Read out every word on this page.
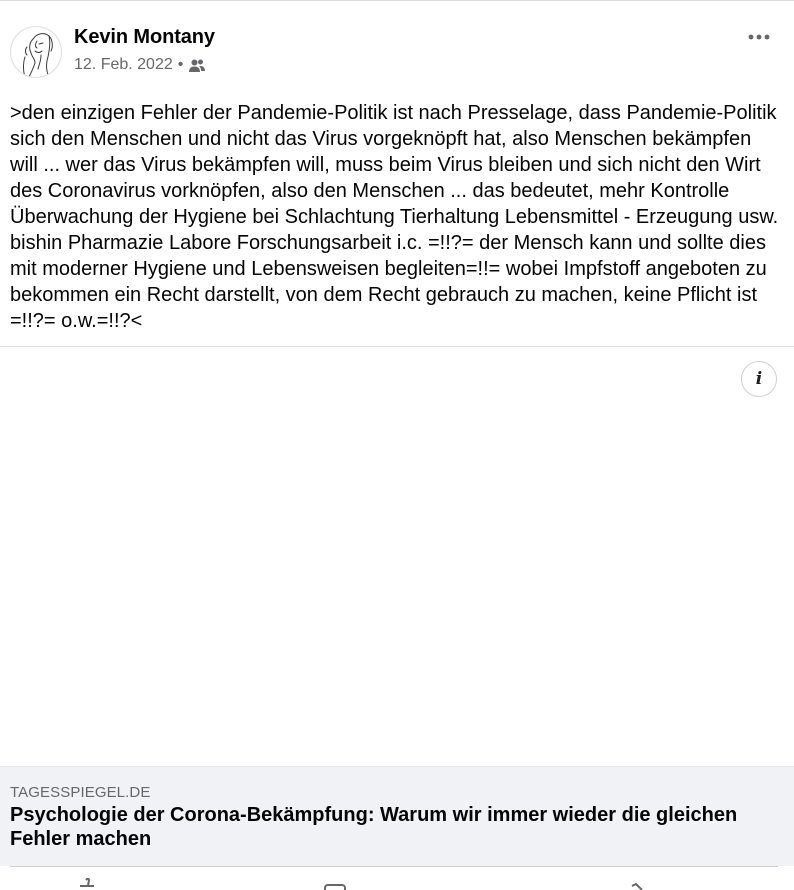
Kevin Montany
12. Feb. 2022 •

>den einzigen Fehler der Pandemie-Politik ist nach Presselage, dass Pandemie-Politik sich den Menschen und nicht das Virus vorgeknöpft hat, also Menschen bekämpfen will ... wer das Virus bekämpfen will, muss beim Virus bleiben und sich nicht den Wirt des Coronavirus vorknöpfen, also den Menschen ... das bedeutet, mehr Kontrolle Überwachung der Hygiene bei Schlachtung Tierhaltung Lebensmittel - Erzeugung usw. bishin Pharmazie Labore Forschungsarbeit i.c. =!!?= der Mensch kann und sollte dies mit moderner Hygiene und Lebensweisen begleiten=!!= wobei Impfstoff angeboten zu bekommen ein Recht darstellt, von dem Recht gebrauch zu machen, keine Pflicht ist =!!?= o.w.=!!?<

i
TAGESSPIEGEL.DE
Psychologie der Corona-Bekämpfung: Warum wir immer wieder die gleichen Fehler machen
